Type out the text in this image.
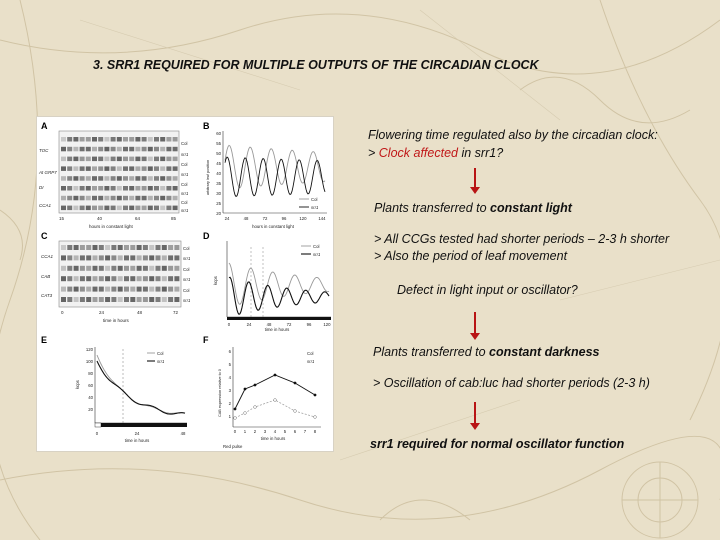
3. SRR1 REQUIRED FOR MULTIPLE OUTPUTS OF THE CIRCADIAN CLOCK
A
TOC
At GRP7
DI
CCA1
Col
srr1
Col
srr1
Col
srr1
Col
srr1
15	40	64	85
hours in constant light
B
arbitrary leaf position
60
55
50
45
40
35
30
25
20
24	48	72	96	120	144
hours in constant light
Col
srr1
C
CCA1
CAB
CAT3
Col
srr1
Col
srr1
Col
srr1
0	24	48	72
time in hours
D
kcps
0	24	48	72	96	120
time in hours
Col
srr1
E
kcps
120
100
80
60
40
20
0	24	48
time in hours
Col
srr1
F
CAB expression relative to 0
6
5
4
3
2
1
0 1 2 3 4 5 6 7 8
time in hours
Red pulse
Col
srr1
Flowering time regulated also by the circadian clock:
> Clock affected in srr1?
Plants transferred to constant light
> All CCGs tested had shorter periods – 2-3 h shorter
> Also the period of leaf movement
Defect in light input or oscillator?
Plants transferred to constant darkness
> Oscillation of cab:luc had shorter periods (2-3 h)
srr1 required for normal oscillator function
